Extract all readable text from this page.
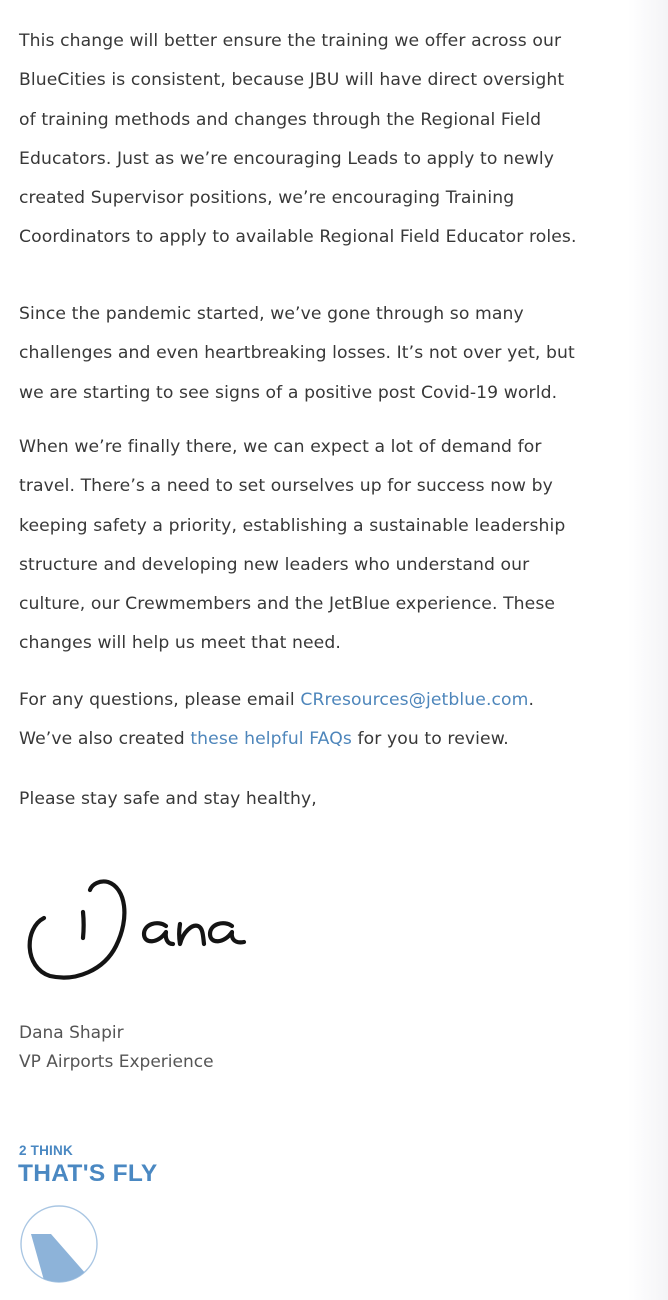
This change will better ensure the training we offer across our
BlueCities is consistent, because JBU will have direct oversight
of training methods and changes through the Regional Field
Educators. Just as we’re encouraging Leads to apply to newly
created Supervisor positions, we’re encouraging Training
Coordinators to apply to available Regional Field Educator roles.

Since the pandemic started, we’ve gone through so many
challenges and even heartbreaking losses. It’s not over yet, but
we are starting to see signs of a positive post Covid-19 world.

When we’re finally there, we can expect a lot of demand for
travel. There’s a need to set ourselves up for success now by
keeping safety a priority, establishing a sustainable leadership
structure and developing new leaders who understand our
culture, our Crewmembers and the JetBlue experience. These
changes will help us meet that need.

For any questions, please email CRresources@jetblue.com.
We’ve also created these helpful FAQs for you to review.

Please stay safe and stay healthy,

Dana Shapir
VP Airports Experience
2 THINK
THAT'S FLY
